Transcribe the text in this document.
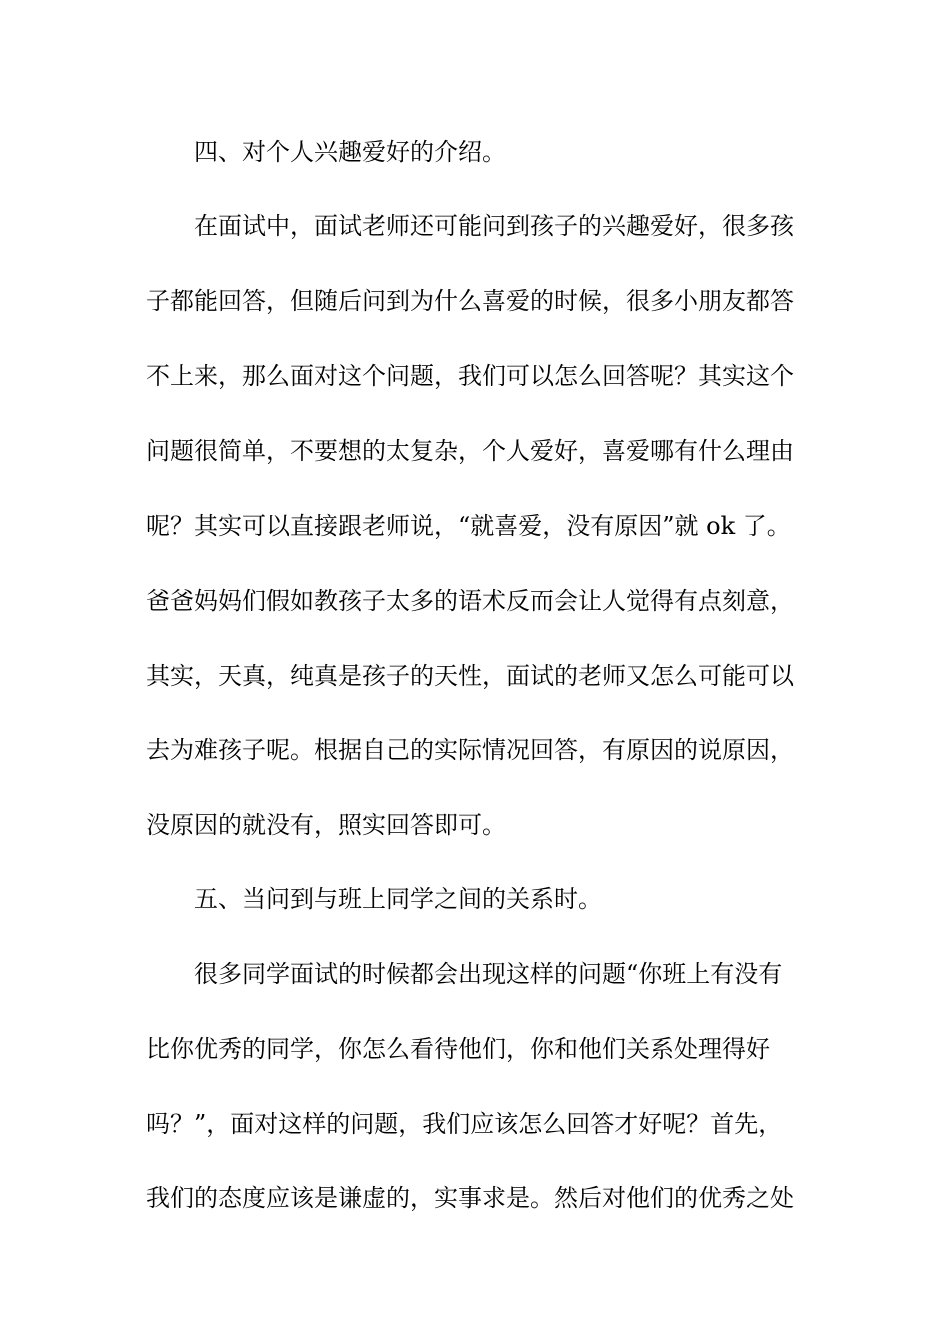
四、对个人兴趣爱好的介绍。
在面试中，面试老师还可能问到孩子的兴趣爱好，很多孩
子都能回答，但随后问到为什么喜爱的时候，很多小朋友都答
不上来，那么面对这个问题，我们可以怎么回答呢？其实这个
问题很简单，不要想的太复杂，个人爱好，喜爱哪有什么理由
呢？其实可以直接跟老师说，“就喜爱，没有原因”就 ok 了。
爸爸妈妈们假如教孩子太多的语术反而会让人觉得有点刻意，
其实，天真，纯真是孩子的天性，面试的老师又怎么可能可以
去为难孩子呢。根据自己的实际情况回答，有原因的说原因，
没原因的就没有，照实回答即可。
五、当问到与班上同学之间的关系时。
很多同学面试的时候都会出现这样的问题“你班上有没有
比你优秀的同学，你怎么看待他们，你和他们关系处理得好
吗？”，面对这样的问题，我们应该怎么回答才好呢？首先，
我们的态度应该是谦虚的，实事求是。然后对他们的优秀之处
